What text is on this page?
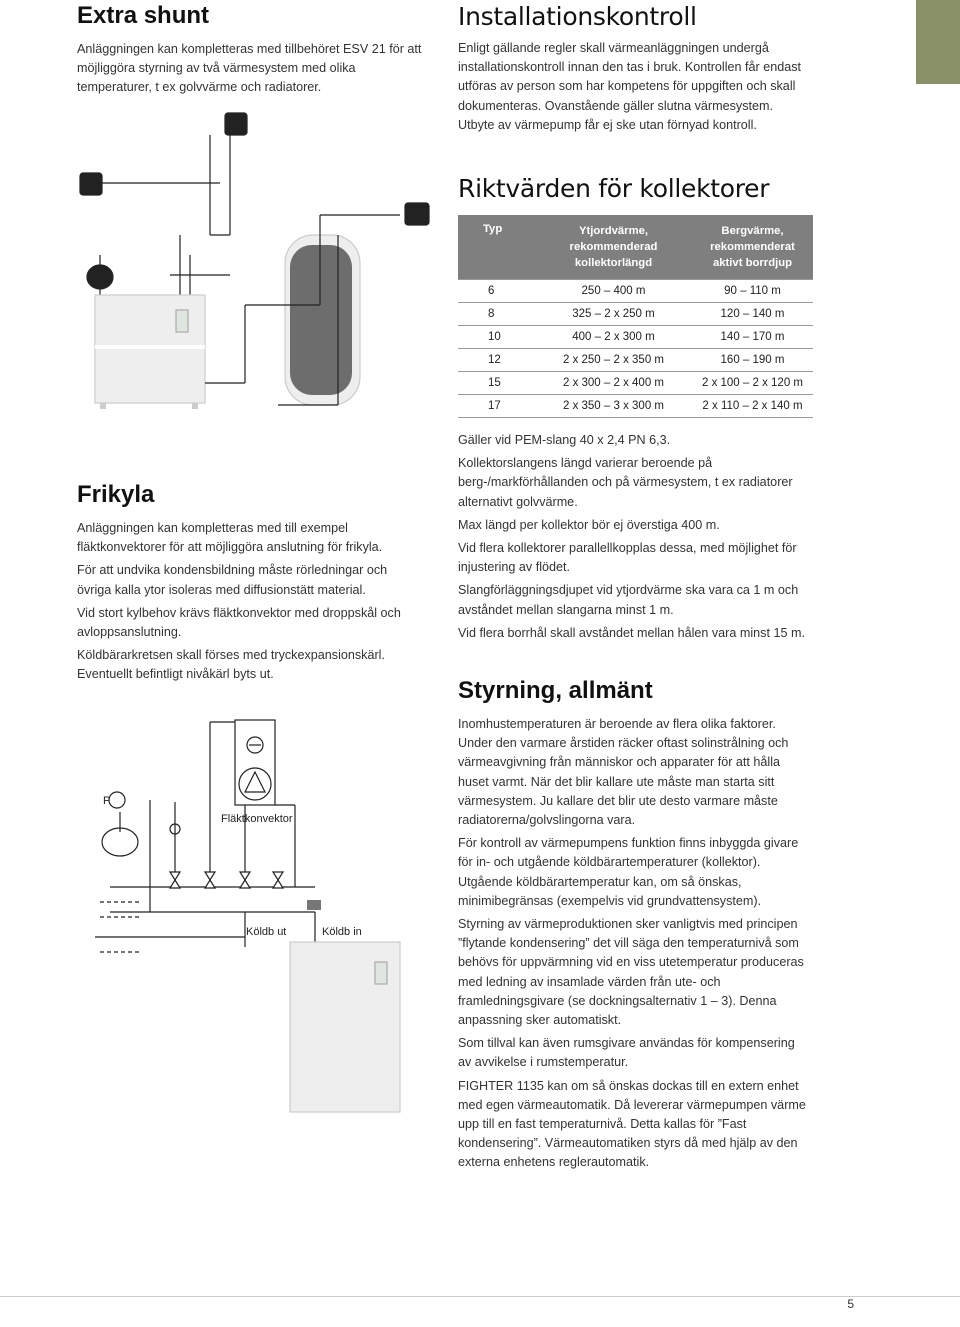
Extra shunt

Anläggningen kan kompletteras med tillbehöret ESV 21 för att möjliggöra styrning av två värmesystem med olika temperaturer, t ex golvvärme och radiatorer.

Frikyla

Anläggningen kan kompletteras med till exempel fläktkonvektorer för att möjliggöra anslutning för frikyla.

För att undvika kondensbildning måste rörledningar och övriga kalla ytor isoleras med diffusionstätt material.

Vid stort kylbehov krävs fläktkonvektor med droppskål och avloppsanslutning.

Köldbärarkretsen skall förses med tryckexpansionskärl. Eventuellt befintligt nivåkärl byts ut.

P
Fläktkonvektor
Köldb ut	Köldb in
Installationskontroll

Enligt gällande regler skall värmeanläggningen undergå installationskontroll innan den tas i bruk. Kontrollen får endast utföras av person som har kompetens för uppgiften och skall dokumenteras. Ovanstående gäller slutna värmesystem. Utbyte av värmepump får ej ske utan förnyad kontroll.

Riktvärden för kollektorer
Typ	Ytjordvärme, rekommenderad kollektorlängd	Bergvärme, rekommenderat aktivt borrdjup
6	250 – 400 m	90 – 110 m
8	325 – 2 x 250 m	120 – 140 m
10	400 – 2 x 300 m	140 – 170 m
12	2 x 250 – 2 x 350 m	160 – 190 m
15	2 x 300 – 2 x 400 m	2 x 100 – 2 x 120 m
17	2 x 350 – 3 x 300 m	2 x 110 – 2 x 140 m

Gäller vid PEM-slang 40 x 2,4 PN 6,3.

Kollektorslangens längd varierar beroende på berg-/markförhållanden och på värmesystem, t ex radiatorer alternativt golvvärme.

Max längd per kollektor bör ej överstiga 400 m.

Vid flera kollektorer parallellkopplas dessa, med möjlighet för injustering av flödet.

Slangförläggningsdjupet vid ytjordvärme ska vara ca 1 m och avståndet mellan slangarna minst 1 m.

Vid flera borrhål skall avståndet mellan hålen vara minst 15 m.

Styrning, allmänt

Inomhustemperaturen är beroende av flera olika faktorer. Under den varmare årstiden räcker oftast solinstrålning och värmeavgivning från människor och apparater för att hålla huset varmt. När det blir kallare ute måste man starta sitt värmesystem. Ju kallare det blir ute desto varmare måste radiatorerna/golvslingorna vara.

För kontroll av värmepumpens funktion finns inbyggda givare för in- och utgående köldbärartemperaturer (kollektor). Utgående köldbärartemperatur kan, om så önskas, minimibegränsas (exempelvis vid grundvattensystem).

Styrning av värmeproduktionen sker vanligtvis med principen ”flytande kondensering” det vill säga den temperaturnivå som behövs för uppvärmning vid en viss utetemperatur produceras med ledning av insamlade värden från ute- och framledningsgivare (se dockningsalternativ 1 – 3). Denna anpassning sker automatiskt.

Som tillval kan även rumsgivare användas för kompensering av avvikelse i rumstemperatur.

FIGHTER 1135 kan om så önskas dockas till en extern enhet med egen värmeautomatik. Då levererar värmepumpen värme upp till en fast temperaturnivå. Detta kallas för ”Fast kondensering”. Värmeautomatiken styrs då med hjälp av den externa enhetens reglerautomatik.

5
